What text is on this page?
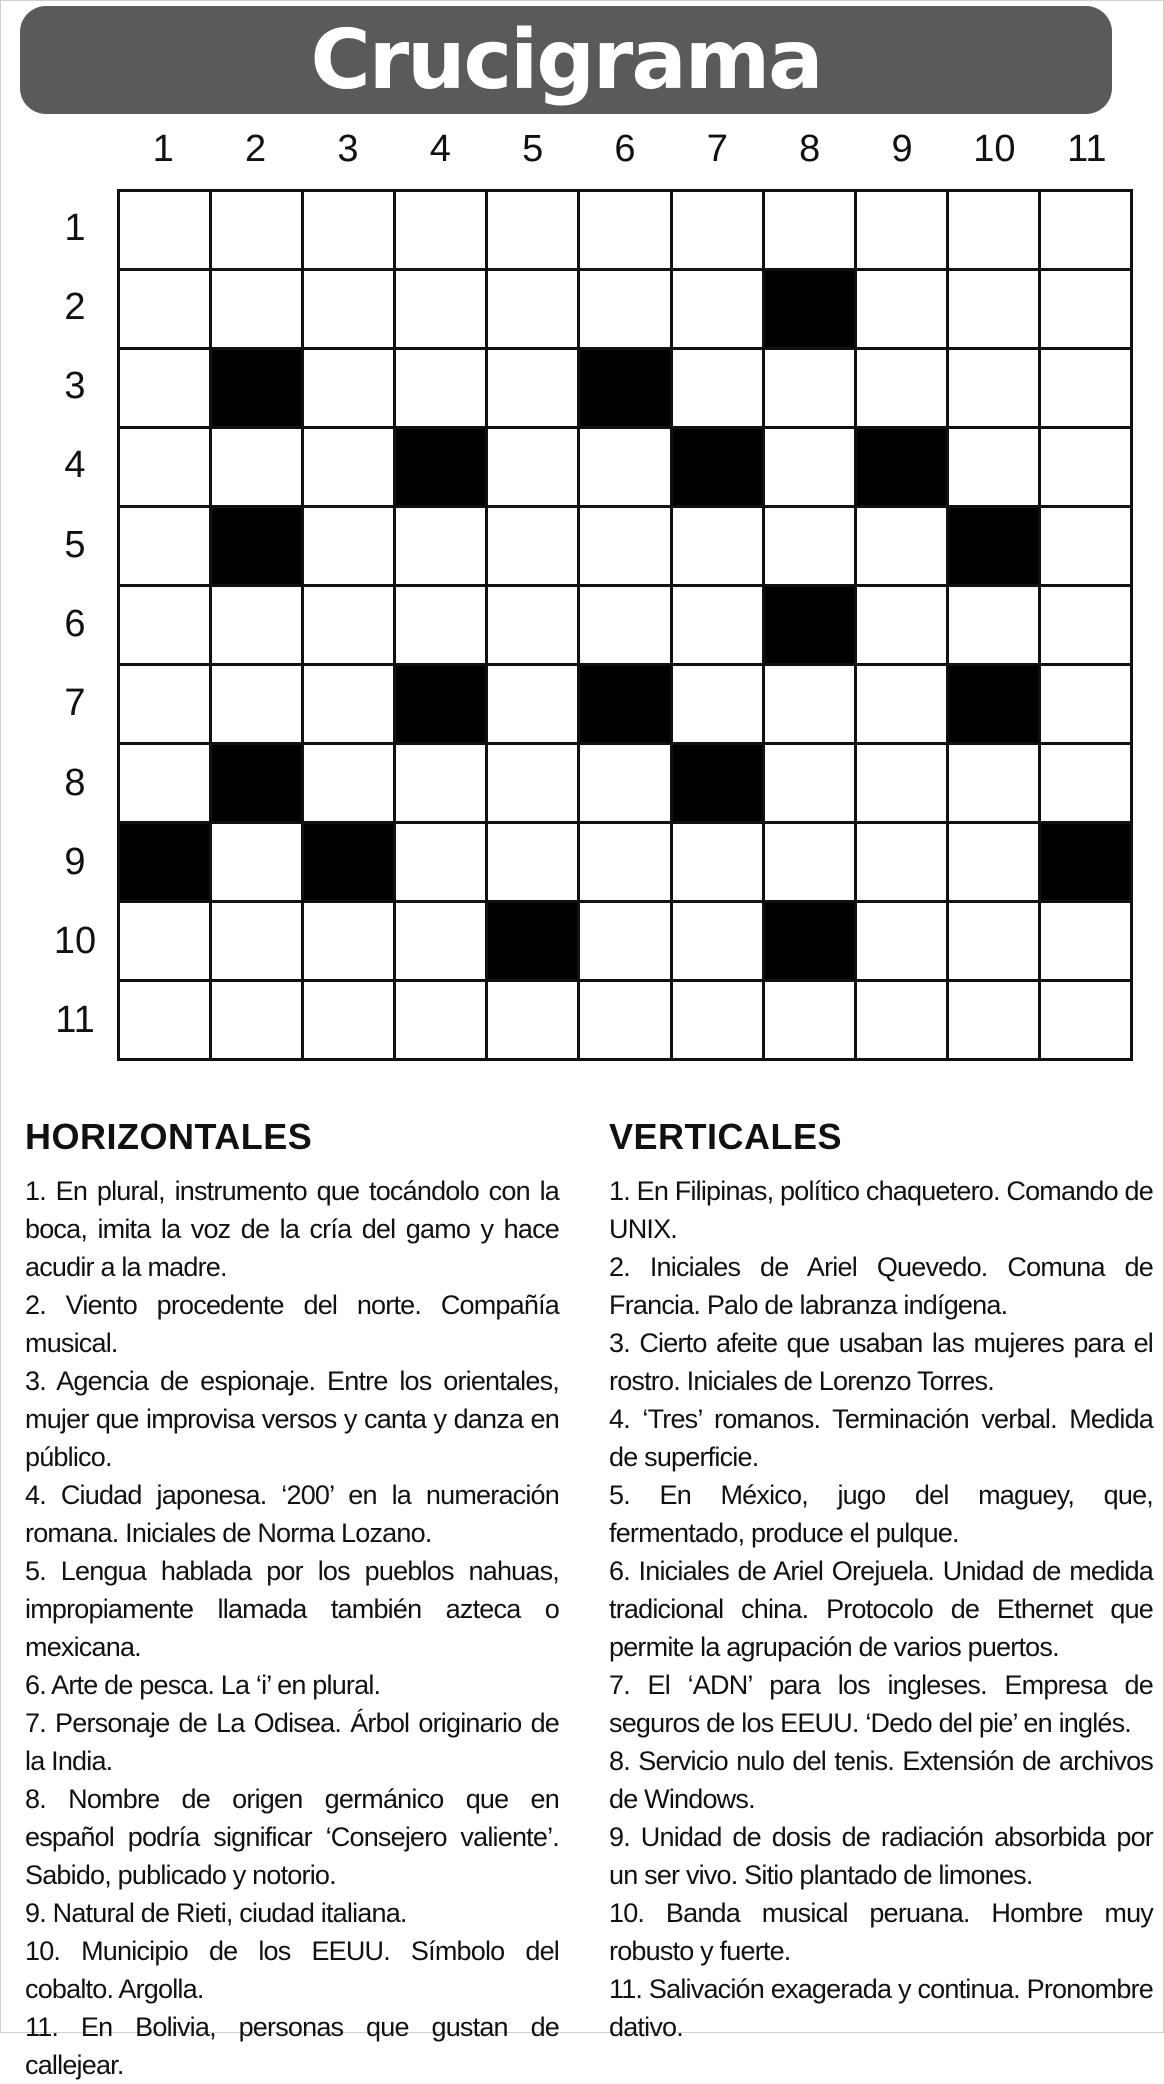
Crucigrama
1	2	3	4	5	6	7	8	9	10	11
1
2
3
4
5
6
7
8
9
10
11
HORIZONTALES	VERTICALES

1. En plural, instrumento que tocándolo con la boca, imita la voz de la cría del gamo y hace acudir a la madre.

2. Viento procedente del norte. Compañía musical.

3. Agencia de espionaje. Entre los orientales, mujer que improvisa versos y canta y danza en público.

4. Ciudad japonesa. ‘200’ en la numeración romana. Iniciales de Norma Lozano.

5. Lengua hablada por los pueblos nahuas, impropiamente llamada también azteca o mexicana.

6. Arte de pesca. La ‘i’ en plural.

7. Personaje de La Odisea. Árbol originario de la India.

8. Nombre de origen germánico que en español podría significar ‘Consejero valiente’. Sabido, publicado y notorio.

9. Natural de Rieti, ciudad italiana.

10. Municipio de los EEUU. Símbolo del cobalto. Argolla.

11. En Bolivia, personas que gustan de callejear.

1. En Filipinas, político chaquetero. Comando de UNIX.

2. Iniciales de Ariel Quevedo. Comuna de Francia. Palo de labranza indígena.

3. Cierto afeite que usaban las mujeres para el rostro. Iniciales de Lorenzo Torres.

4. ‘Tres’ romanos. Terminación verbal. Medida de superficie.

5. En México, jugo del maguey, que, fermentado, produce el pulque.

6. Iniciales de Ariel Orejuela. Unidad de medida tradicional china. Protocolo de Ethernet que permite la agrupación de varios puertos.

7. El ‘ADN’ para los ingleses. Empresa de seguros de los EEUU. ‘Dedo del pie’ en inglés.

8. Servicio nulo del tenis. Extensión de archivos de Windows.

9. Unidad de dosis de radiación absorbida por un ser vivo. Sitio plantado de limones.

10. Banda musical peruana. Hombre muy robusto y fuerte.

11. Salivación exagerada y continua. Pronombre dativo.
